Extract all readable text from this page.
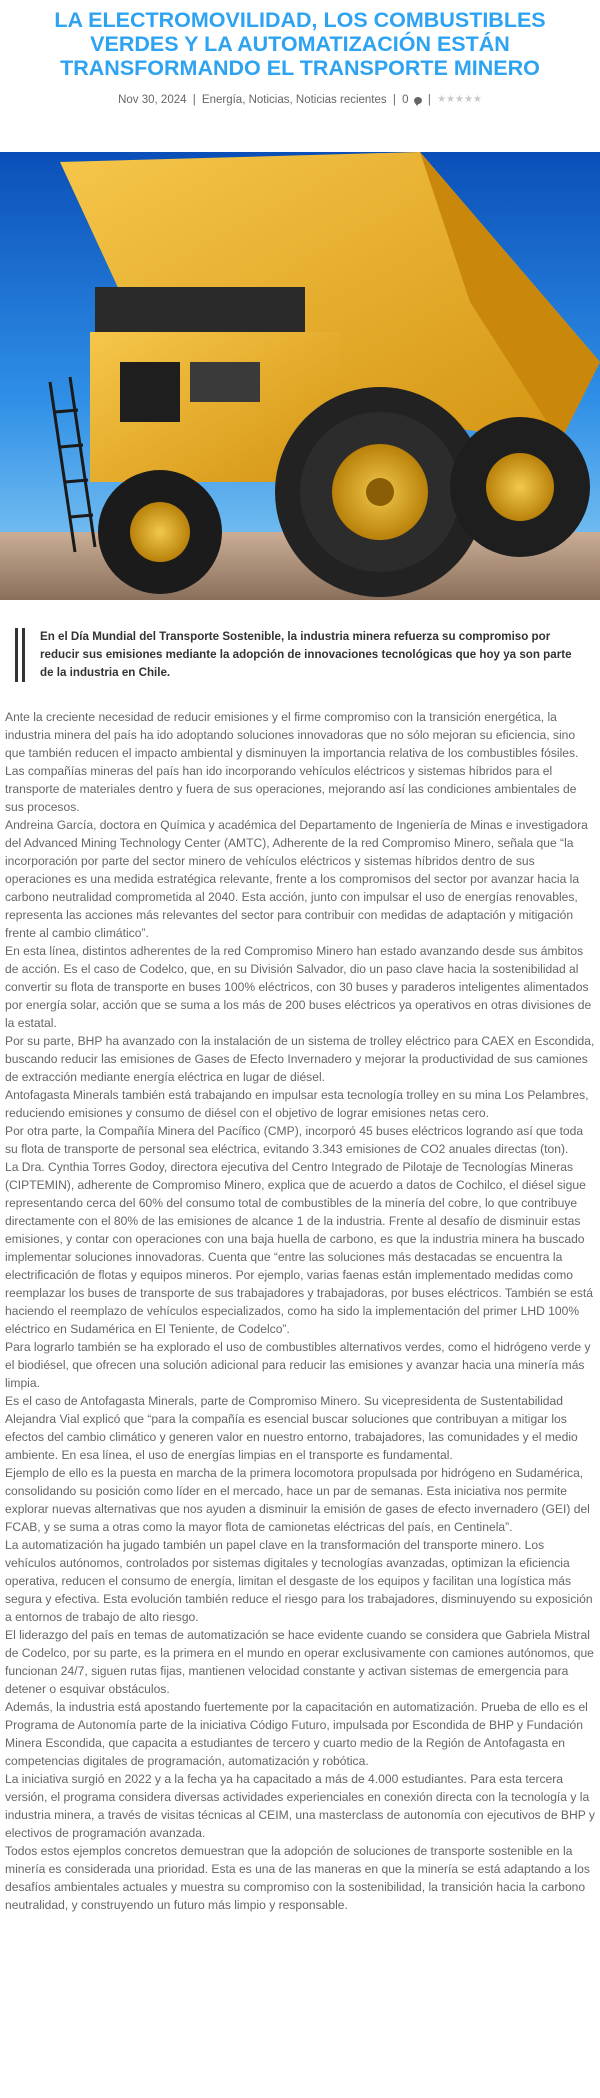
LA ELECTROMOVILIDAD, LOS COMBUSTIBLES VERDES Y LA AUTOMATIZACIÓN ESTÁN TRANSFORMANDO EL TRANSPORTE MINERO
Nov 30, 2024 | Energía, Noticias, Noticias recientes | 0 | ★★★★★

En el Día Mundial del Transporte Sostenible, la industria minera refuerza su compromiso por reducir sus emisiones mediante la adopción de innovaciones tecnológicas que hoy ya son parte de la industria en Chile.

Ante la creciente necesidad de reducir emisiones y el firme compromiso con la transición energética, la industria minera del país ha ido adoptando soluciones innovadoras que no sólo mejoran su eficiencia, sino que también reducen el impacto ambiental y disminuyen la importancia relativa de los combustibles fósiles. Las compañías mineras del país han ido incorporando vehículos eléctricos y sistemas híbridos para el transporte de materiales dentro y fuera de sus operaciones, mejorando así las condiciones ambientales de sus procesos.

Andreina García, doctora en Química y académica del Departamento de Ingeniería de Minas e investigadora del Advanced Mining Technology Center (AMTC), Adherente de la red Compromiso Minero, señala que “la incorporación por parte del sector minero de vehículos eléctricos y sistemas híbridos dentro de sus operaciones es una medida estratégica relevante, frente a los compromisos del sector por avanzar hacia la carbono neutralidad comprometida al 2040. Esta acción, junto con impulsar el uso de energías renovables, representa las acciones más relevantes del sector para contribuir con medidas de adaptación y mitigación frente al cambio climático”.

En esta línea, distintos adherentes de la red Compromiso Minero han estado avanzando desde sus ámbitos de acción. Es el caso de Codelco, que, en su División Salvador, dio un paso clave hacia la sostenibilidad al convertir su flota de transporte en buses 100% eléctricos, con 30 buses y paraderos inteligentes alimentados por energía solar, acción que se suma a los más de 200 buses eléctricos ya operativos en otras divisiones de la estatal.

Por su parte, BHP ha avanzado con la instalación de un sistema de trolley eléctrico para CAEX en Escondida, buscando reducir las emisiones de Gases de Efecto Invernadero y mejorar la productividad de sus camiones de extracción mediante energía eléctrica en lugar de diésel.

Antofagasta Minerals también está trabajando en impulsar esta tecnología trolley en su mina Los Pelambres, reduciendo emisiones y consumo de diésel con el objetivo de lograr emisiones netas cero.

Por otra parte, la Compañía Minera del Pacífico (CMP), incorporó 45 buses eléctricos logrando así que toda su flota de transporte de personal sea eléctrica, evitando 3.343 emisiones de CO2 anuales directas (ton).

La Dra. Cynthia Torres Godoy, directora ejecutiva del Centro Integrado de Pilotaje de Tecnologías Mineras (CIPTEMIN), adherente de Compromiso Minero, explica que de acuerdo a datos de Cochilco, el diésel sigue representando cerca del 60% del consumo total de combustibles de la minería del cobre, lo que contribuye directamente con el 80% de las emisiones de alcance 1 de la industria. Frente al desafío de disminuir estas emisiones, y contar con operaciones con una baja huella de carbono, es que la industria minera ha buscado implementar soluciones innovadoras. Cuenta que “entre las soluciones más destacadas se encuentra la electrificación de flotas y equipos mineros. Por ejemplo, varias faenas están implementado medidas como reemplazar los buses de transporte de sus trabajadores y trabajadoras, por buses eléctricos. También se está haciendo el reemplazo de vehículos especializados, como ha sido la implementación del primer LHD 100% eléctrico en Sudamérica en El Teniente, de Codelco”.

Para lograrlo también se ha explorado el uso de combustibles alternativos verdes, como el hidrógeno verde y el biodiésel, que ofrecen una solución adicional para reducir las emisiones y avanzar hacia una minería más limpia.

Es el caso de Antofagasta Minerals, parte de Compromiso Minero. Su vicepresidenta de Sustentabilidad Alejandra Vial explicó que “para la compañía es esencial buscar soluciones que contribuyan a mitigar los efectos del cambio climático y generen valor en nuestro entorno, trabajadores, las comunidades y el medio ambiente. En esa línea, el uso de energías limpias en el transporte es fundamental.

Ejemplo de ello es la puesta en marcha de la primera locomotora propulsada por hidrógeno en Sudamérica, consolidando su posición como líder en el mercado, hace un par de semanas. Esta iniciativa nos permite explorar nuevas alternativas que nos ayuden a disminuir la emisión de gases de efecto invernadero (GEI) del FCAB, y se suma a otras como la mayor flota de camionetas eléctricas del país, en Centinela”.

La automatización ha jugado también un papel clave en la transformación del transporte minero. Los vehículos autónomos, controlados por sistemas digitales y tecnologías avanzadas, optimizan la eficiencia operativa, reducen el consumo de energía, limitan el desgaste de los equipos y facilitan una logística más segura y efectiva. Esta evolución también reduce el riesgo para los trabajadores, disminuyendo su exposición a entornos de trabajo de alto riesgo.

El liderazgo del país en temas de automatización se hace evidente cuando se considera que Gabriela Mistral de Codelco, por su parte, es la primera en el mundo en operar exclusivamente con camiones autónomos, que funcionan 24/7, siguen rutas fijas, mantienen velocidad constante y activan sistemas de emergencia para detener o esquivar obstáculos.

Además, la industria está apostando fuertemente por la capacitación en automatización. Prueba de ello es el Programa de Autonomía parte de la iniciativa Código Futuro, impulsada por Escondida de BHP y Fundación Minera Escondida, que capacita a estudiantes de tercero y cuarto medio de la Región de Antofagasta en competencias digitales de programación, automatización y robótica.

La iniciativa surgió en 2022 y a la fecha ya ha capacitado a más de 4.000 estudiantes. Para esta tercera versión, el programa considera diversas actividades experienciales en conexión directa con la tecnología y la industria minera, a través de visitas técnicas al CEIM, una masterclass de autonomía con ejecutivos de BHP y electivos de programación avanzada.

Todos estos ejemplos concretos demuestran que la adopción de soluciones de transporte sostenible en la minería es considerada una prioridad. Esta es una de las maneras en que la minería se está adaptando a los desafíos ambientales actuales y muestra su compromiso con la sostenibilidad, la transición hacia la carbono neutralidad, y construyendo un futuro más limpio y responsable.
